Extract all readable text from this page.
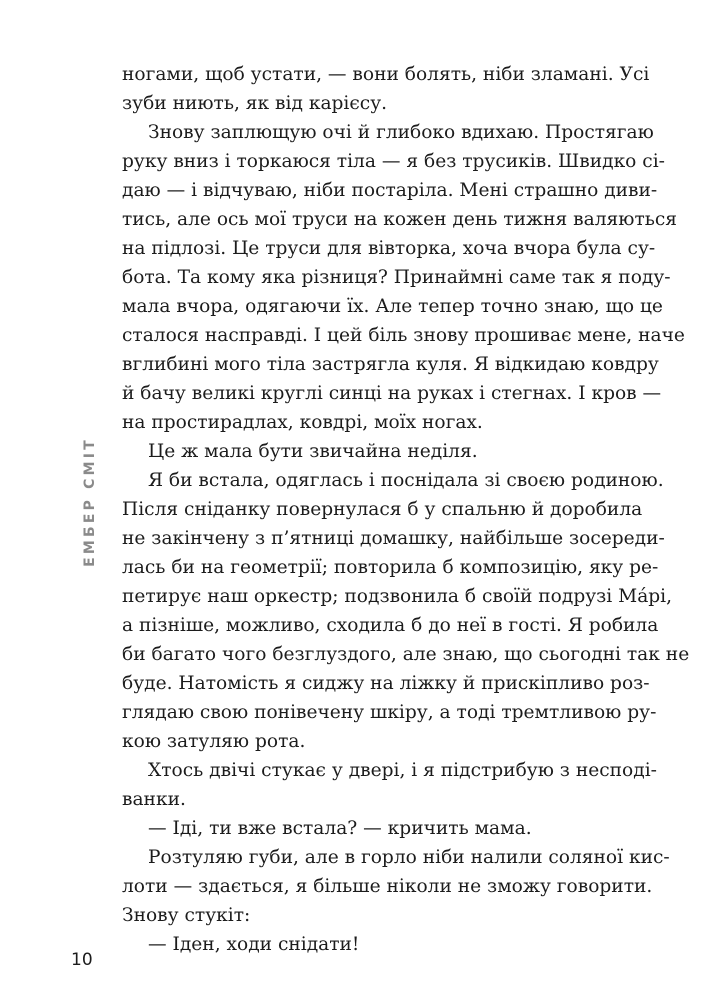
ногами, щоб устати, — вони болять, ніби зламані. Усі
зуби ниють, як від карієсу.
Знову заплющую очі й глибоко вдихаю. Простягаю
руку вниз і торкаюся тіла — я без трусиків. Швидко сі-
даю — і відчуваю, ніби постаріла. Мені страшно диви-
тись, але ось мої труси на кожен день тижня валяються
на підлозі. Це труси для вівторка, хоча вчора була су-
бота. Та кому яка різниця? Принаймні саме так я поду-
мала вчора, одягаючи їх. Але тепер точно знаю, що це
сталося насправді. І цей біль знову прошиває мене, наче
вглибині мого тіла застрягла куля. Я відкидаю ковдру
й бачу великі круглі синці на руках і стегнах. І кров —
на простирадлах, ковдрі, моїх ногах.
Це ж мала бути звичайна неділя.
Я би встала, одяглась і поснідала зі своєю родиною.
Після сніданку повернулася б у спальню й доробила
не закінчену з п’ятниці домашку, найбільше зосереди-
лась би на геометрії; повторила б композицію, яку ре-
петирує наш оркестр; подзвонила б своїй подрузі Мáрі,
а пізніше, можливо, сходила б до неї в гості. Я робила
би багато чого безглуздого, але знаю, що сьогодні так не
буде. Натомість я сиджу на ліжку й прискіпливо роз-
глядаю свою понівечену шкіру, а тоді тремтливою ру-
кою затуляю рота.
Хтось двічі стукає у двері, і я підстрибую з несподі-
ванки.
— Іді, ти вже встала? — кричить мама.
Розтуляю губи, але в горло ніби налили соляної кис-
лоти — здається, я більше ніколи не зможу говорити.
Знову стукіт:
— Іден, ходи снідати!
ЕМБЕР СМІТ
10
